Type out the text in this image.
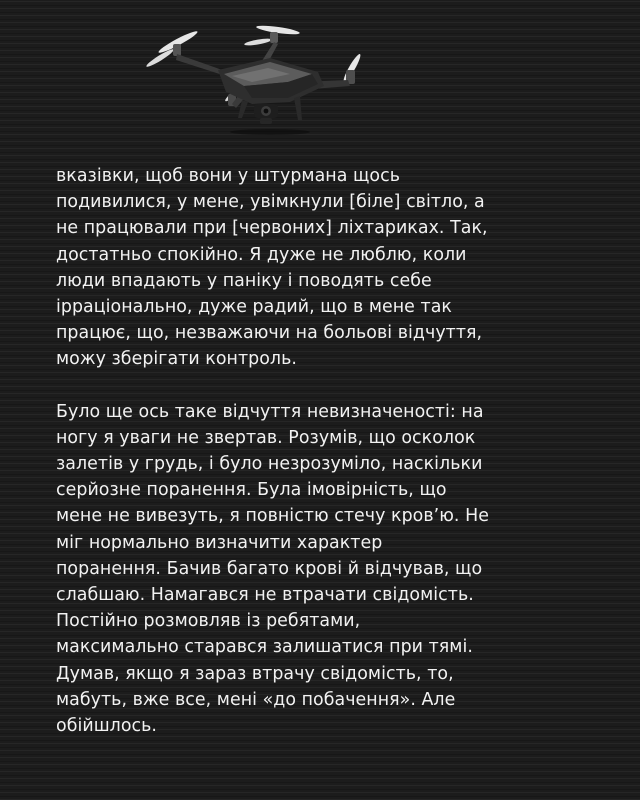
вказівки, щоб вони у штурмана щось
подивилися, у мене, увімкнули [біле] світло, а
не працювали при [червоних] ліхтариках. Так,
достатньо спокійно. Я дуже не люблю, коли
люди впадають у паніку і поводять себе
ірраціонально, дуже радий, що в мене так
працює, що, незважаючи на больові відчуття,
можу зберігати контроль.

Було ще ось таке відчуття невизначеності: на
ногу я уваги не звертав. Розумів, що осколок
залетів у грудь, і було незрозуміло, наскільки
серйозне поранення. Була імовірність, що
мене не вивезуть, я повністю стечу кров’ю. Не
міг нормально визначити характер
поранення. Бачив багато крові й відчував, що
слабшаю. Намагався не втрачати свідомість.
Постійно розмовляв із ребятами,
максимально старався залишатися при тямі.
Думав, якщо я зараз втрачу свідомість, то,
мабуть, вже все, мені «до побачення». Але
обійшлось.
